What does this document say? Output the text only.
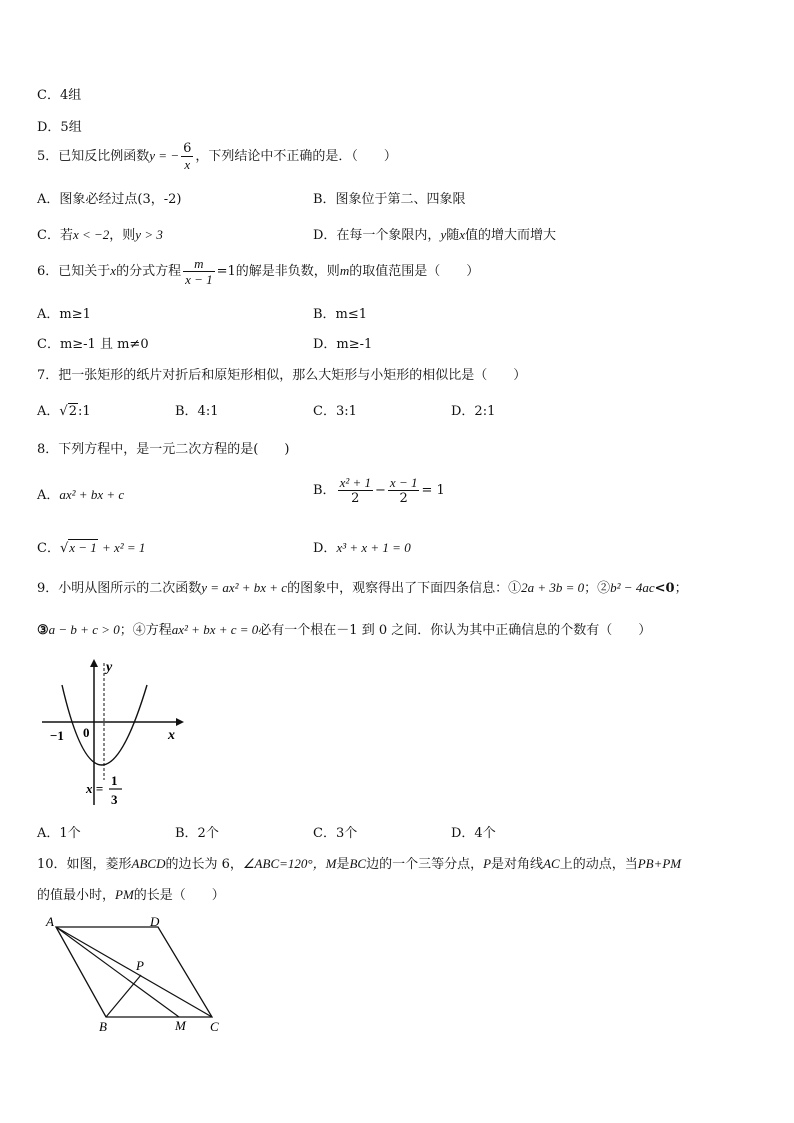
C．4组
D．5组
5．已知反比例函数y = − $\frac{6}{x}$ ，下列结论中不正确的是．（　　）
A．图象必经过点(3，-2)	B．图象位于第二、四象限
C．若x < −2，则y > 3	D．在每一个象限内，y随x值的增大而增大
6．已知关于x的分式方程 $\frac{m}{x - 1} =1$的解是非负数，则m的取值范围是（　　）
A．m≥1	B．m≤1
C．m≥-1 且 m≠0	D．m≥-1
7．把一张矩形的纸片对折后和原矩形相似，那么大矩形与小矩形的相似比是（　　）
A．√2:1	B．4:1	C．3:1	D．2:1
8．下列方程中，是一元二次方程的是(　　)
A．ax² + bx + c	B． $\frac{\text{x² + 1}}{2} - \frac{x - 1}{2} = 1$
C．√x − 1 + x² = 1	D．x³ + x + 1 = 0
9．小明从图所示的二次函数y = ax² + bx + c的图象中，观察得出了下面四条信息：①2a + 3b = 0；②b² − 4ac<0；
③a − b + c > 0；④方程ax² + bx + c = 0必有一个根在－1 到 0 之间．你认为其中正确信息的个数有（　　）
y
x
0
−1
x =
1
3
A．1个	B．2个	C．3个	D．4个
10．如图，菱形ABCD的边长为 6，∠ABC=120°，M是BC边的一个三等分点，P是对角线AC上的动点，当PB+PM
的值最小时，PM的长是（　　）
A	D
B	C
P
M
